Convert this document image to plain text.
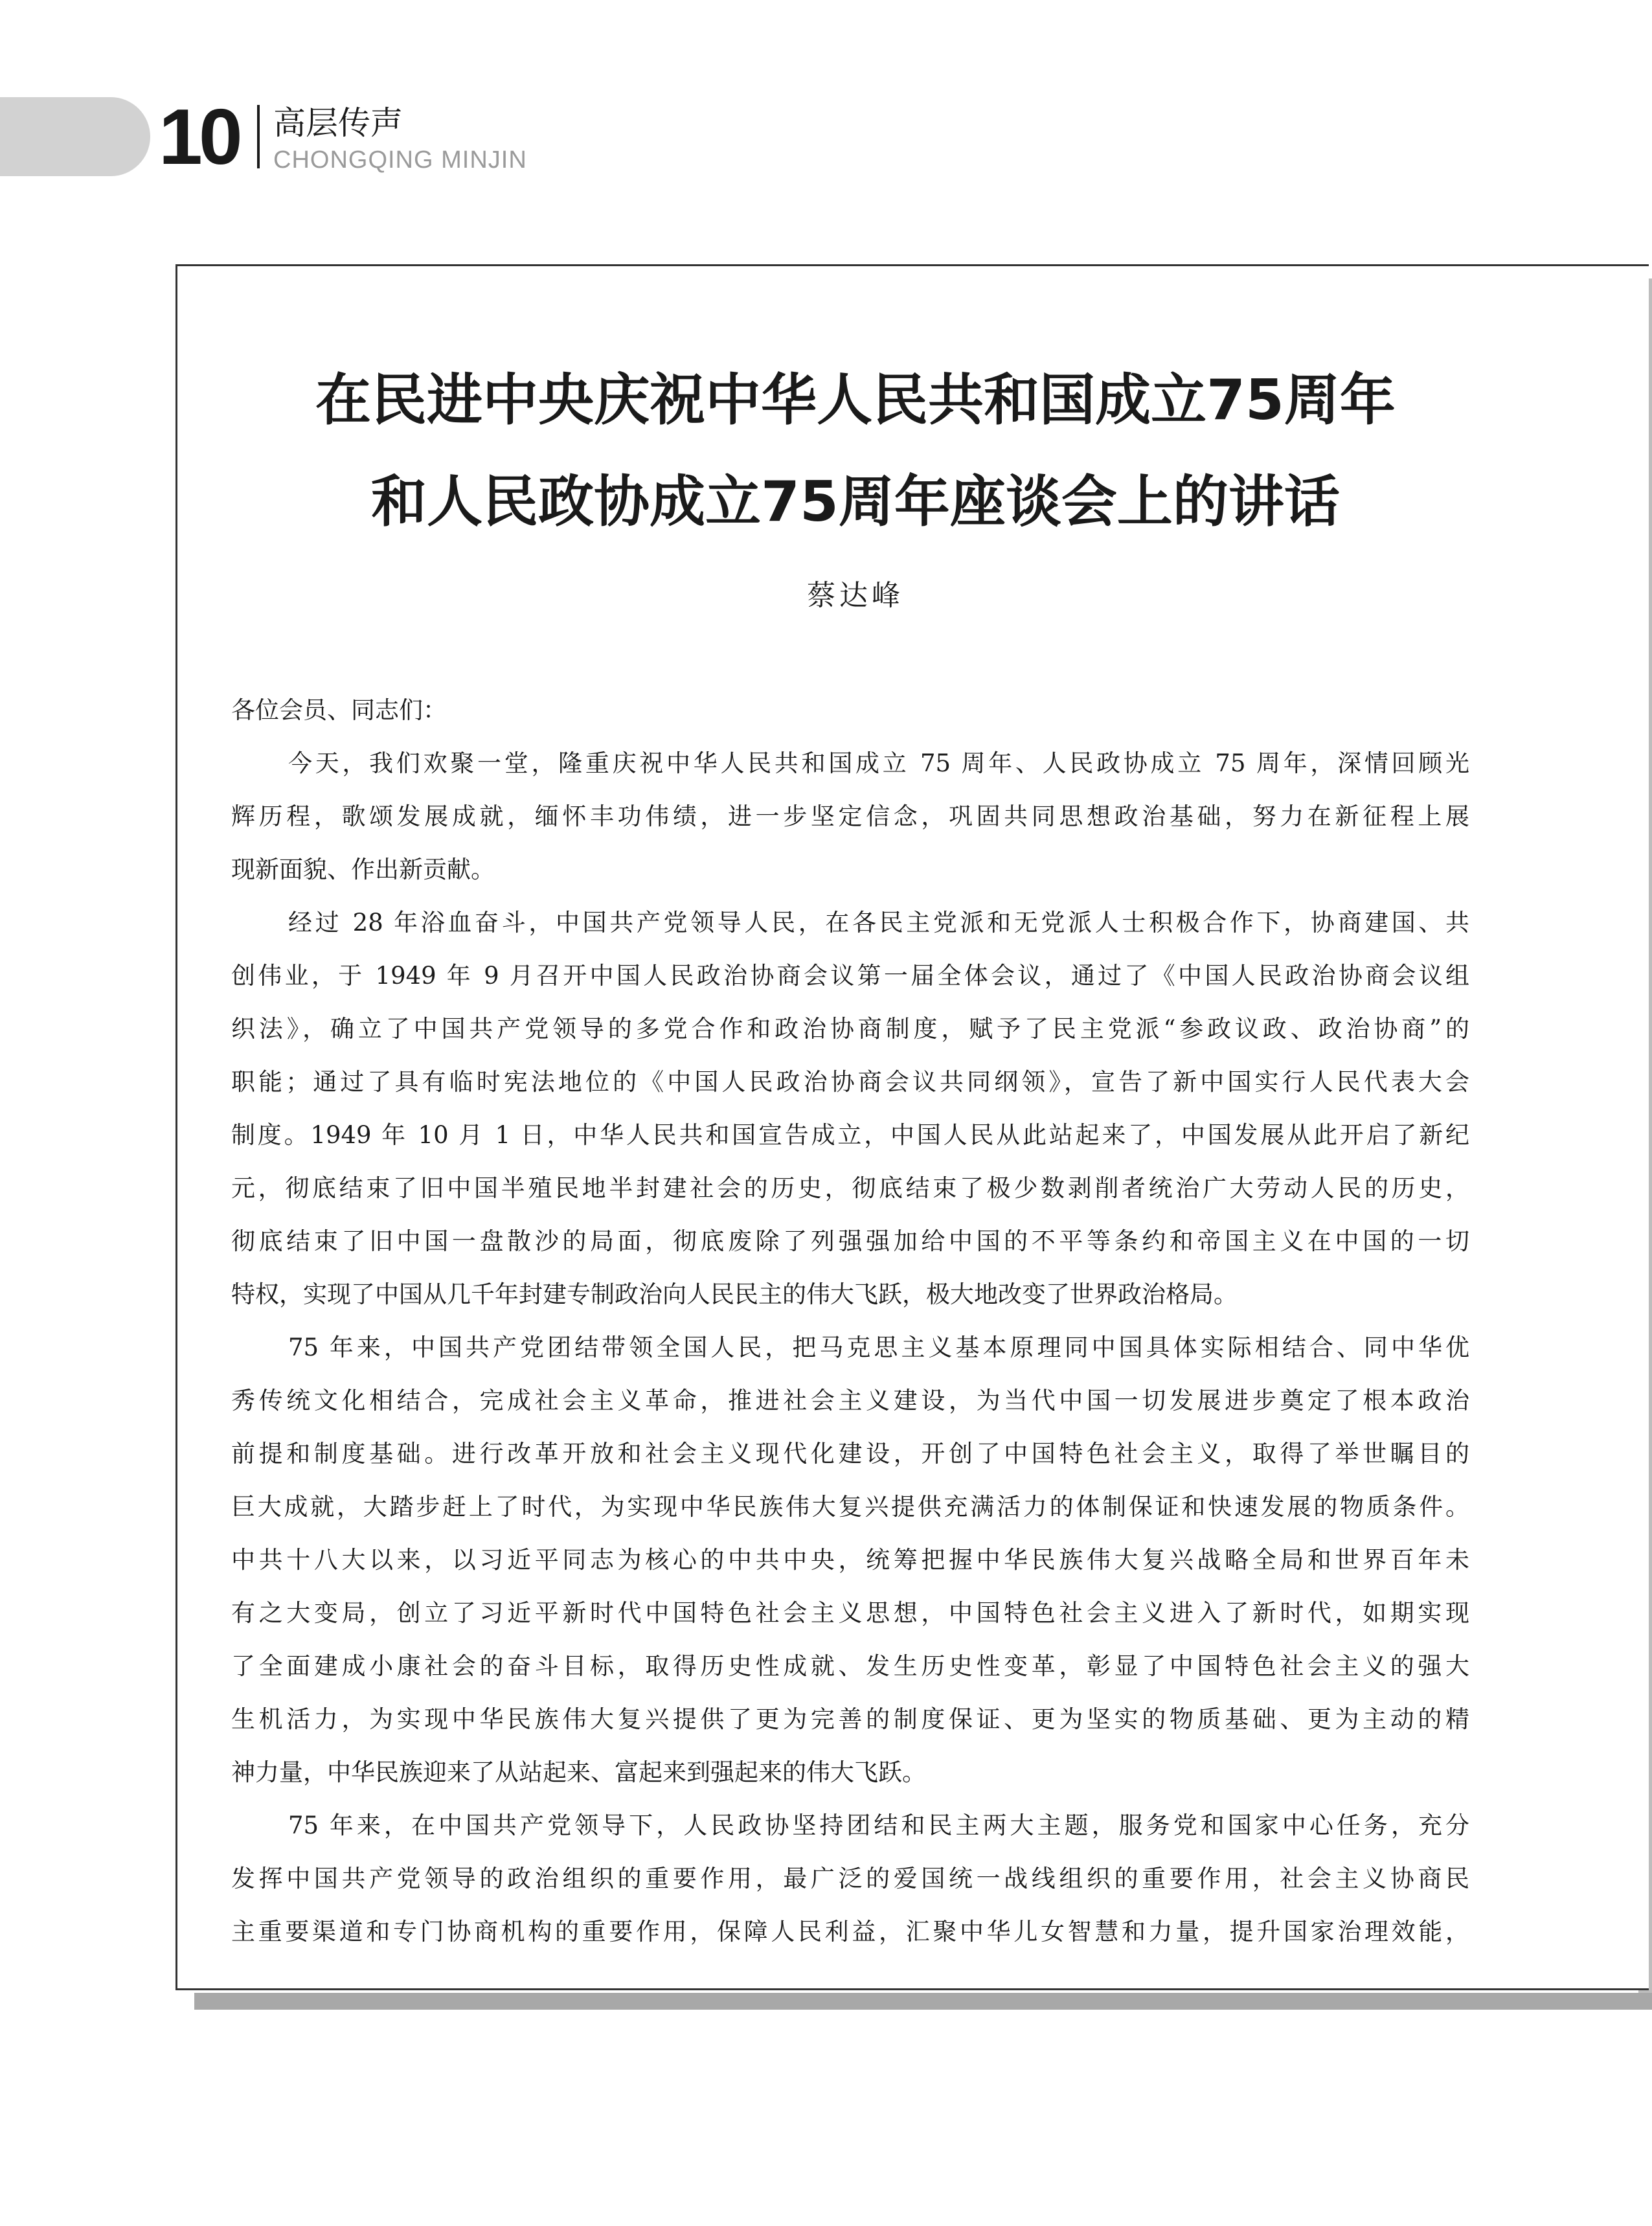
10 高层传声
CHONGQING MINJIN
在民进中央庆祝中华人民共和国成立75周年
和人民政协成立75周年座谈会上的讲话
蔡达峰
各位会员、同志们：
今天，我们欢聚一堂，隆重庆祝中华人民共和国成立 75 周年、人民政协成立 75 周年，深情回顾光
辉历程，歌颂发展成就，缅怀丰功伟绩，进一步坚定信念，巩固共同思想政治基础，努力在新征程上展
现新面貌、作出新贡献。
经过 28 年浴血奋斗，中国共产党领导人民，在各民主党派和无党派人士积极合作下，协商建国、共
创伟业，于 1949 年 9 月召开中国人民政治协商会议第一届全体会议，通过了《中国人民政治协商会议组
织法》，确立了中国共产党领导的多党合作和政治协商制度，赋予了民主党派“参政议政、政治协商”的
职能；通过了具有临时宪法地位的《中国人民政治协商会议共同纲领》，宣告了新中国实行人民代表大会
制度。1949 年 10 月 1 日，中华人民共和国宣告成立，中国人民从此站起来了，中国发展从此开启了新纪
元，彻底结束了旧中国半殖民地半封建社会的历史，彻底结束了极少数剥削者统治广大劳动人民的历史，
彻底结束了旧中国一盘散沙的局面，彻底废除了列强强加给中国的不平等条约和帝国主义在中国的一切
特权，实现了中国从几千年封建专制政治向人民民主的伟大飞跃，极大地改变了世界政治格局。
75 年来，中国共产党团结带领全国人民，把马克思主义基本原理同中国具体实际相结合、同中华优
秀传统文化相结合，完成社会主义革命，推进社会主义建设，为当代中国一切发展进步奠定了根本政治
前提和制度基础。进行改革开放和社会主义现代化建设，开创了中国特色社会主义，取得了举世瞩目的
巨大成就，大踏步赶上了时代，为实现中华民族伟大复兴提供充满活力的体制保证和快速发展的物质条件。
中共十八大以来，以习近平同志为核心的中共中央，统筹把握中华民族伟大复兴战略全局和世界百年未
有之大变局，创立了习近平新时代中国特色社会主义思想，中国特色社会主义进入了新时代，如期实现
了全面建成小康社会的奋斗目标，取得历史性成就、发生历史性变革，彰显了中国特色社会主义的强大
生机活力，为实现中华民族伟大复兴提供了更为完善的制度保证、更为坚实的物质基础、更为主动的精
神力量，中华民族迎来了从站起来、富起来到强起来的伟大飞跃。
75 年来，在中国共产党领导下，人民政协坚持团结和民主两大主题，服务党和国家中心任务，充分
发挥中国共产党领导的政治组织的重要作用，最广泛的爱国统一战线组织的重要作用，社会主义协商民
主重要渠道和专门协商机构的重要作用，保障人民利益，汇聚中华儿女智慧和力量，提升国家治理效能，
